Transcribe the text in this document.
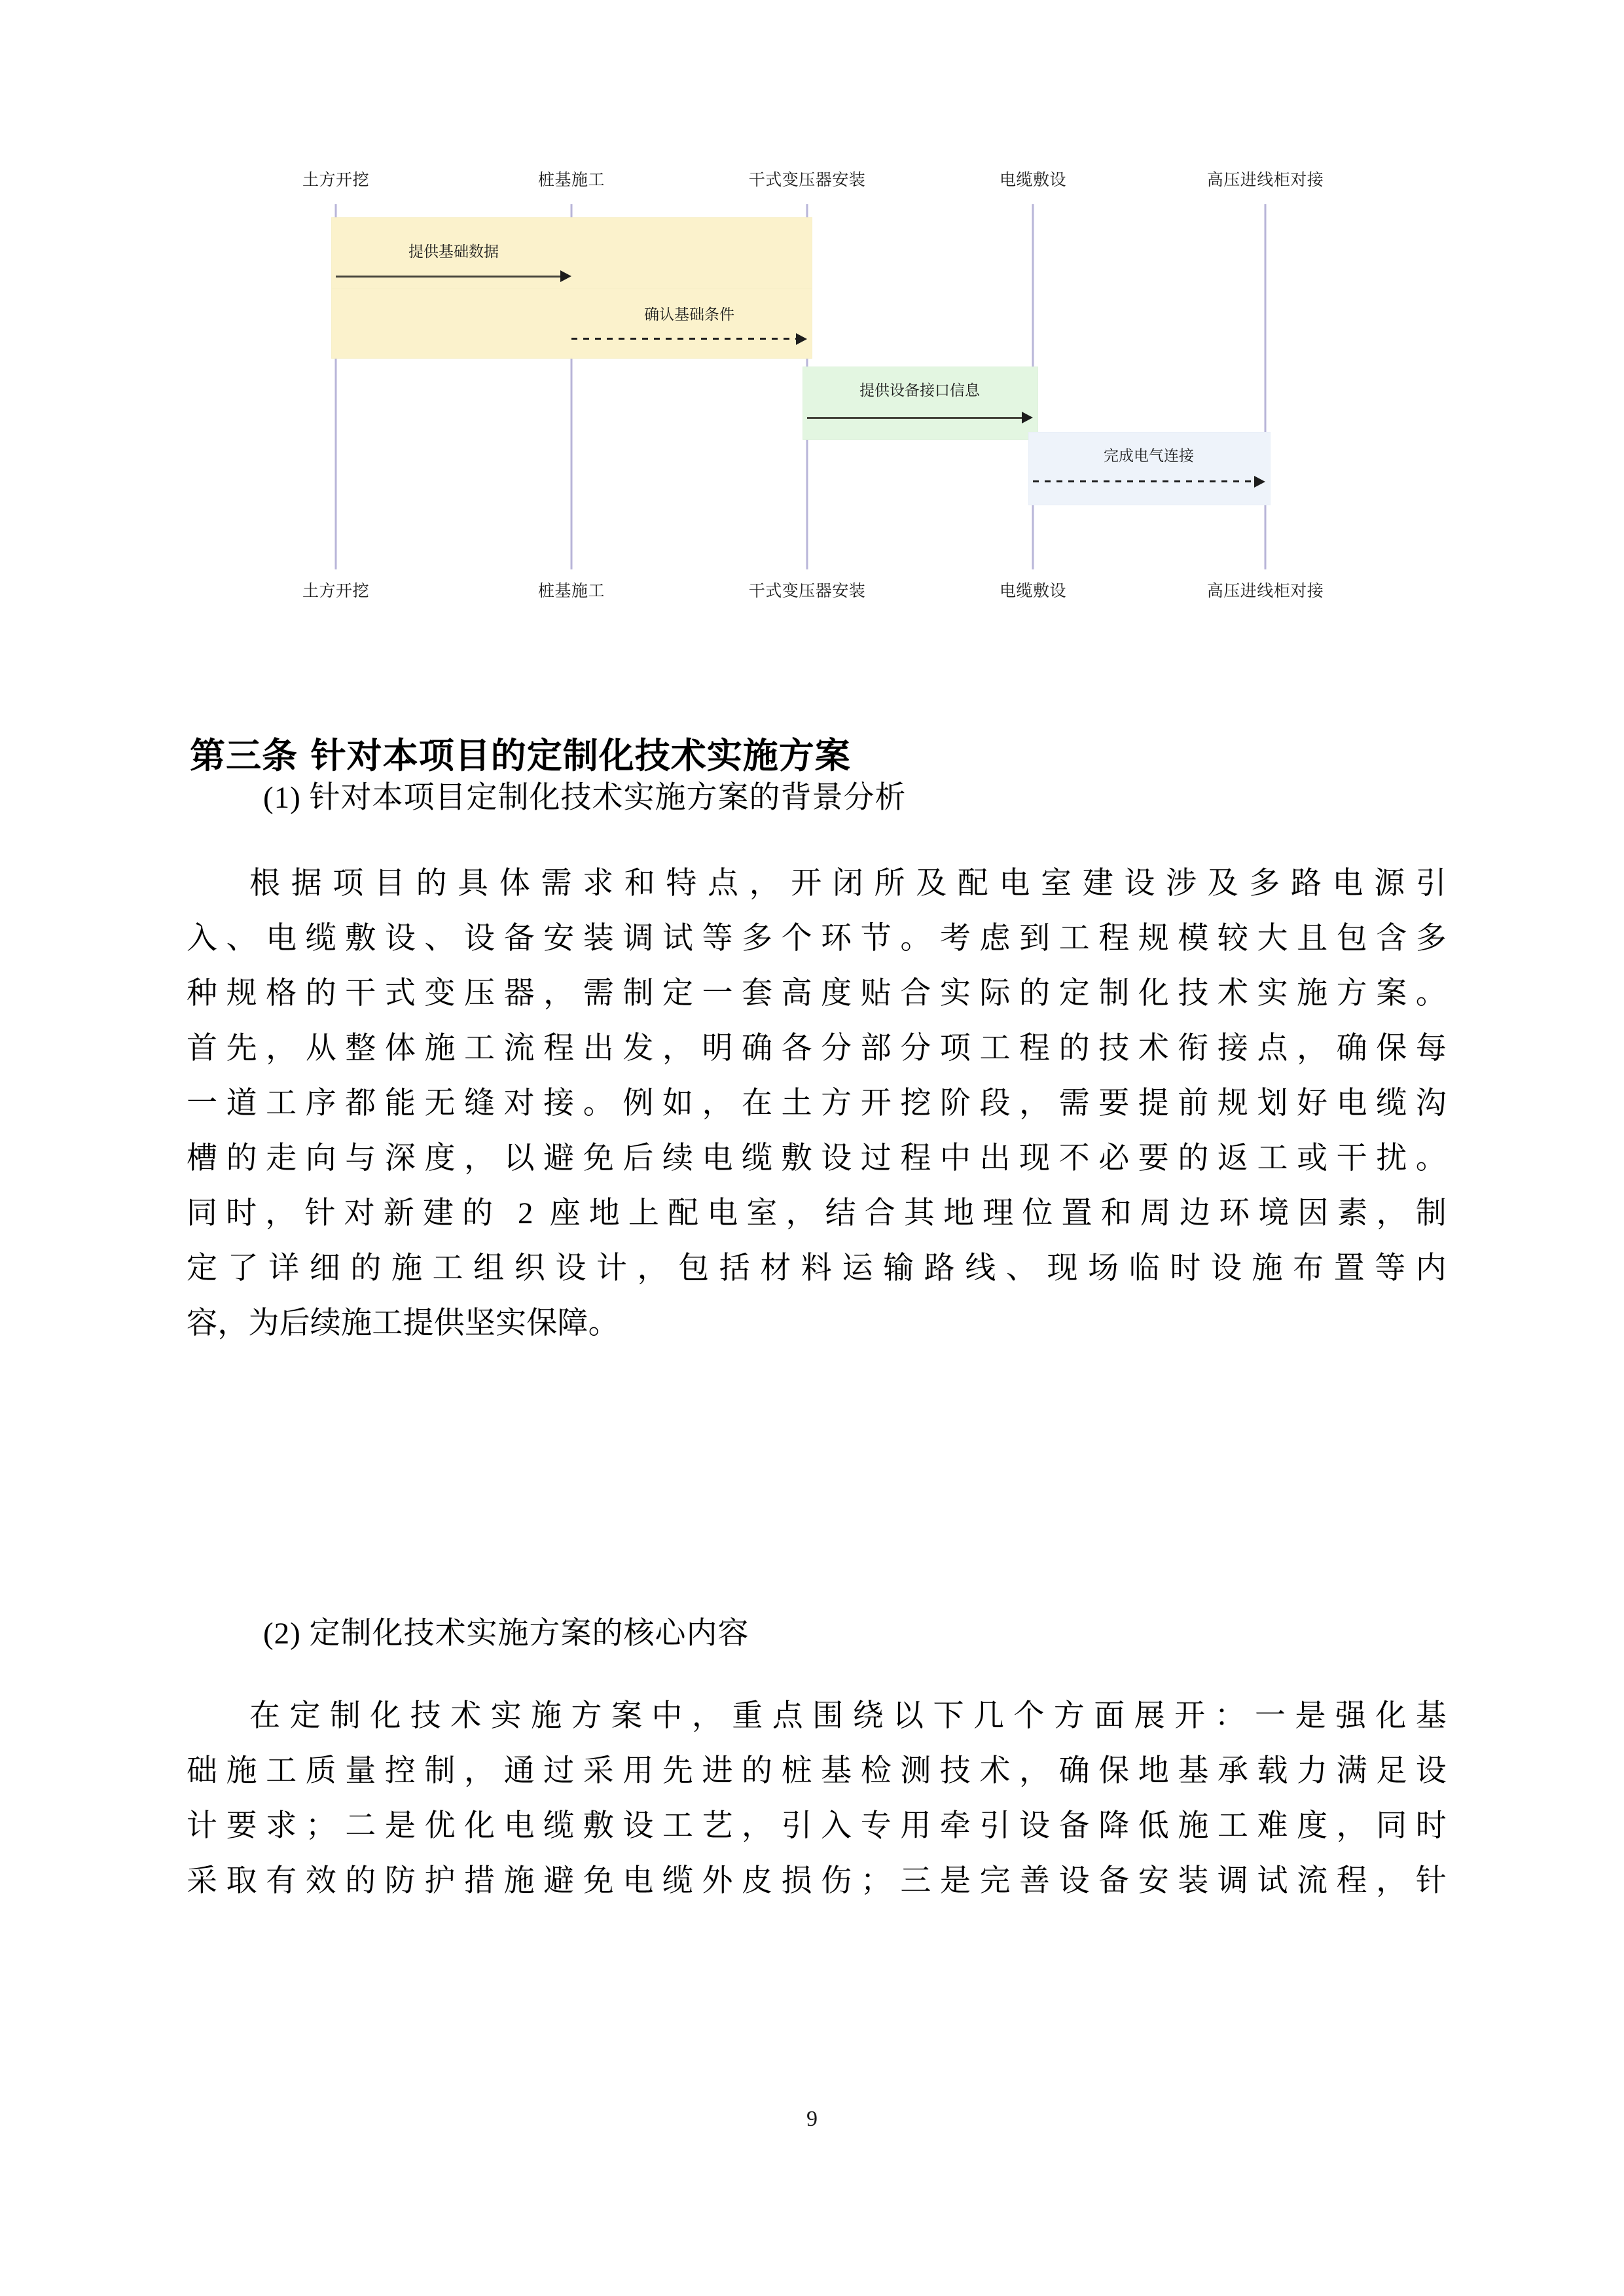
土方开挖	桩基施工	干式变压器安装	电缆敷设	高压进线柜对接
提供基础数据
确认基础条件
提供设备接口信息
完成电气连接
土方开挖	桩基施工	干式变压器安装	电缆敷设	高压进线柜对接
第三条 针对本项目的定制化技术实施方案
(1) 针对本项目定制化技术实施方案的背景分析
根据项目的具体需求和特点，开闭所及配电室建设涉及多路电源引
入、电缆敷设、设备安装调试等多个环节。考虑到工程规模较大且包含多
种规格的干式变压器，需制定一套高度贴合实际的定制化技术实施方案。
首先，从整体施工流程出发，明确各分部分项工程的技术衔接点，确保每
一道工序都能无缝对接。例如，在土方开挖阶段，需要提前规划好电缆沟
槽的走向与深度，以避免后续电缆敷设过程中出现不必要的返工或干扰。
同时，针对新建的 2 座地上配电室，结合其地理位置和周边环境因素，制
定了详细的施工组织设计，包括材料运输路线、现场临时设施布置等内
容，为后续施工提供坚实保障。
(2) 定制化技术实施方案的核心内容
在定制化技术实施方案中，重点围绕以下几个方面展开：一是强化基
础施工质量控制，通过采用先进的桩基检测技术，确保地基承载力满足设
计要求；二是优化电缆敷设工艺，引入专用牵引设备降低施工难度，同时
采取有效的防护措施避免电缆外皮损伤；三是完善设备安装调试流程，针
9
